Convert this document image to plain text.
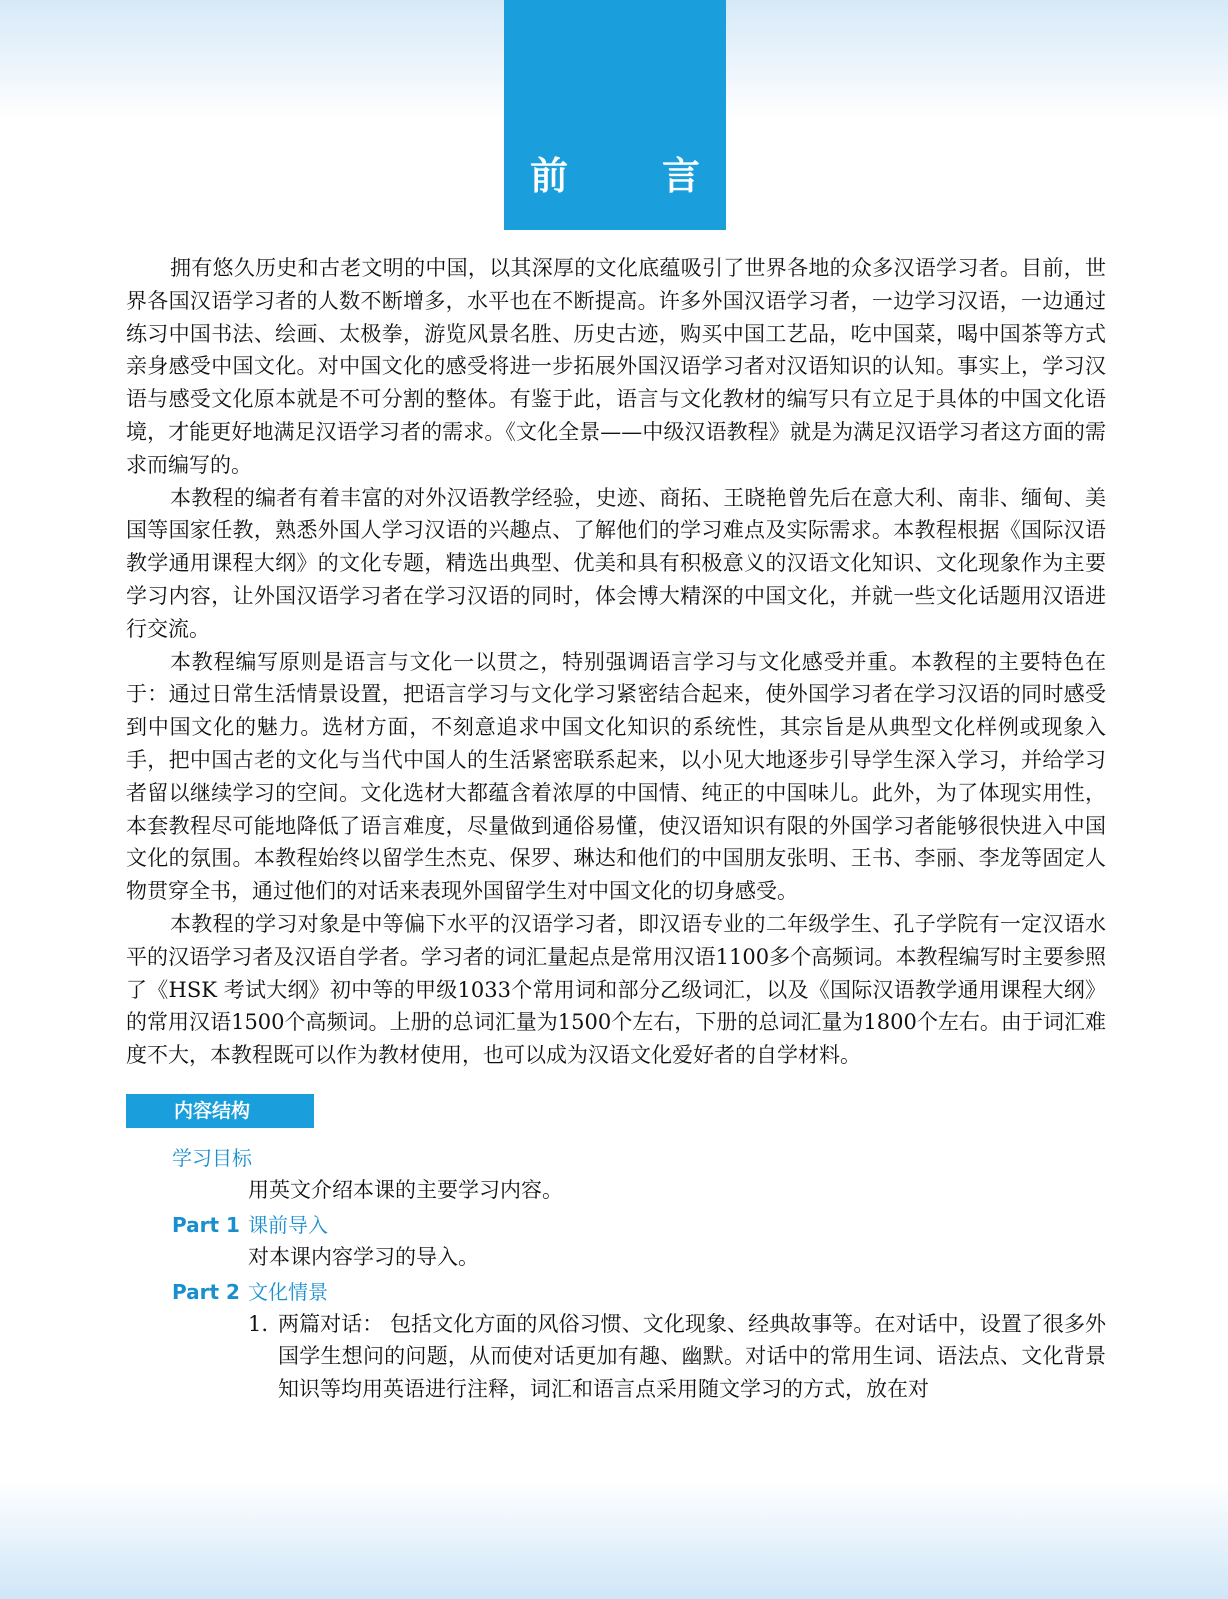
前　言

拥有悠久历史和古老文明的中国，以其深厚的文化底蕴吸引了世界各地的众多汉语学习者。目前，世界各国汉语学习者的人数不断增多，水平也在不断提高。许多外国汉语学习者，一边学习汉语，一边通过练习中国书法、绘画、太极拳，游览风景名胜、历史古迹，购买中国工艺品，吃中国菜，喝中国茶等方式亲身感受中国文化。对中国文化的感受将进一步拓展外国汉语学习者对汉语知识的认知。事实上，学习汉语与感受文化原本就是不可分割的整体。有鉴于此，语言与文化教材的编写只有立足于具体的中国文化语境，才能更好地满足汉语学习者的需求。《文化全景——中级汉语教程》就是为满足汉语学习者这方面的需求而编写的。

本教程的编者有着丰富的对外汉语教学经验，史迹、商拓、王晓艳曾先后在意大利、南非、缅甸、美国等国家任教，熟悉外国人学习汉语的兴趣点、了解他们的学习难点及实际需求。本教程根据《国际汉语教学通用课程大纲》的文化专题，精选出典型、优美和具有积极意义的汉语文化知识、文化现象作为主要学习内容，让外国汉语学习者在学习汉语的同时，体会博大精深的中国文化，并就一些文化话题用汉语进行交流。

本教程编写原则是语言与文化一以贯之，特别强调语言学习与文化感受并重。本教程的主要特色在于：通过日常生活情景设置，把语言学习与文化学习紧密结合起来，使外国学习者在学习汉语的同时感受到中国文化的魅力。选材方面，不刻意追求中国文化知识的系统性，其宗旨是从典型文化样例或现象入手，把中国古老的文化与当代中国人的生活紧密联系起来，以小见大地逐步引导学生深入学习，并给学习者留以继续学习的空间。文化选材大都蕴含着浓厚的中国情、纯正的中国味儿。此外，为了体现实用性，本套教程尽可能地降低了语言难度，尽量做到通俗易懂，使汉语知识有限的外国学习者能够很快进入中国文化的氛围。本教程始终以留学生杰克、保罗、琳达和他们的中国朋友张明、王书、李丽、李龙等固定人物贯穿全书，通过他们的对话来表现外国留学生对中国文化的切身感受。

本教程的学习对象是中等偏下水平的汉语学习者，即汉语专业的二年级学生、孔子学院有一定汉语水平的汉语学习者及汉语自学者。学习者的词汇量起点是常用汉语1100多个高频词。本教程编写时主要参照了《HSK 考试大纲》初中等的甲级1033个常用词和部分乙级词汇，以及《国际汉语教学通用课程大纲》的常用汉语1500个高频词。上册的总词汇量为1500个左右，下册的总词汇量为1800个左右。由于词汇难度不大，本教程既可以作为教材使用，也可以成为汉语文化爱好者的自学材料。

内容结构
学习目标
用英文介绍本课的主要学习内容。
Part 1 课前导入
对本课内容学习的导入。
Part 2 文化情景
1. 两篇对话： 包括文化方面的风俗习惯、文化现象、经典故事等。在对话中，设置了很多外国学生想问的问题，从而使对话更加有趣、幽默。对话中的常用生词、语法点、文化背景知识等均用英语进行注释，词汇和语言点采用随文学习的方式，放在对
